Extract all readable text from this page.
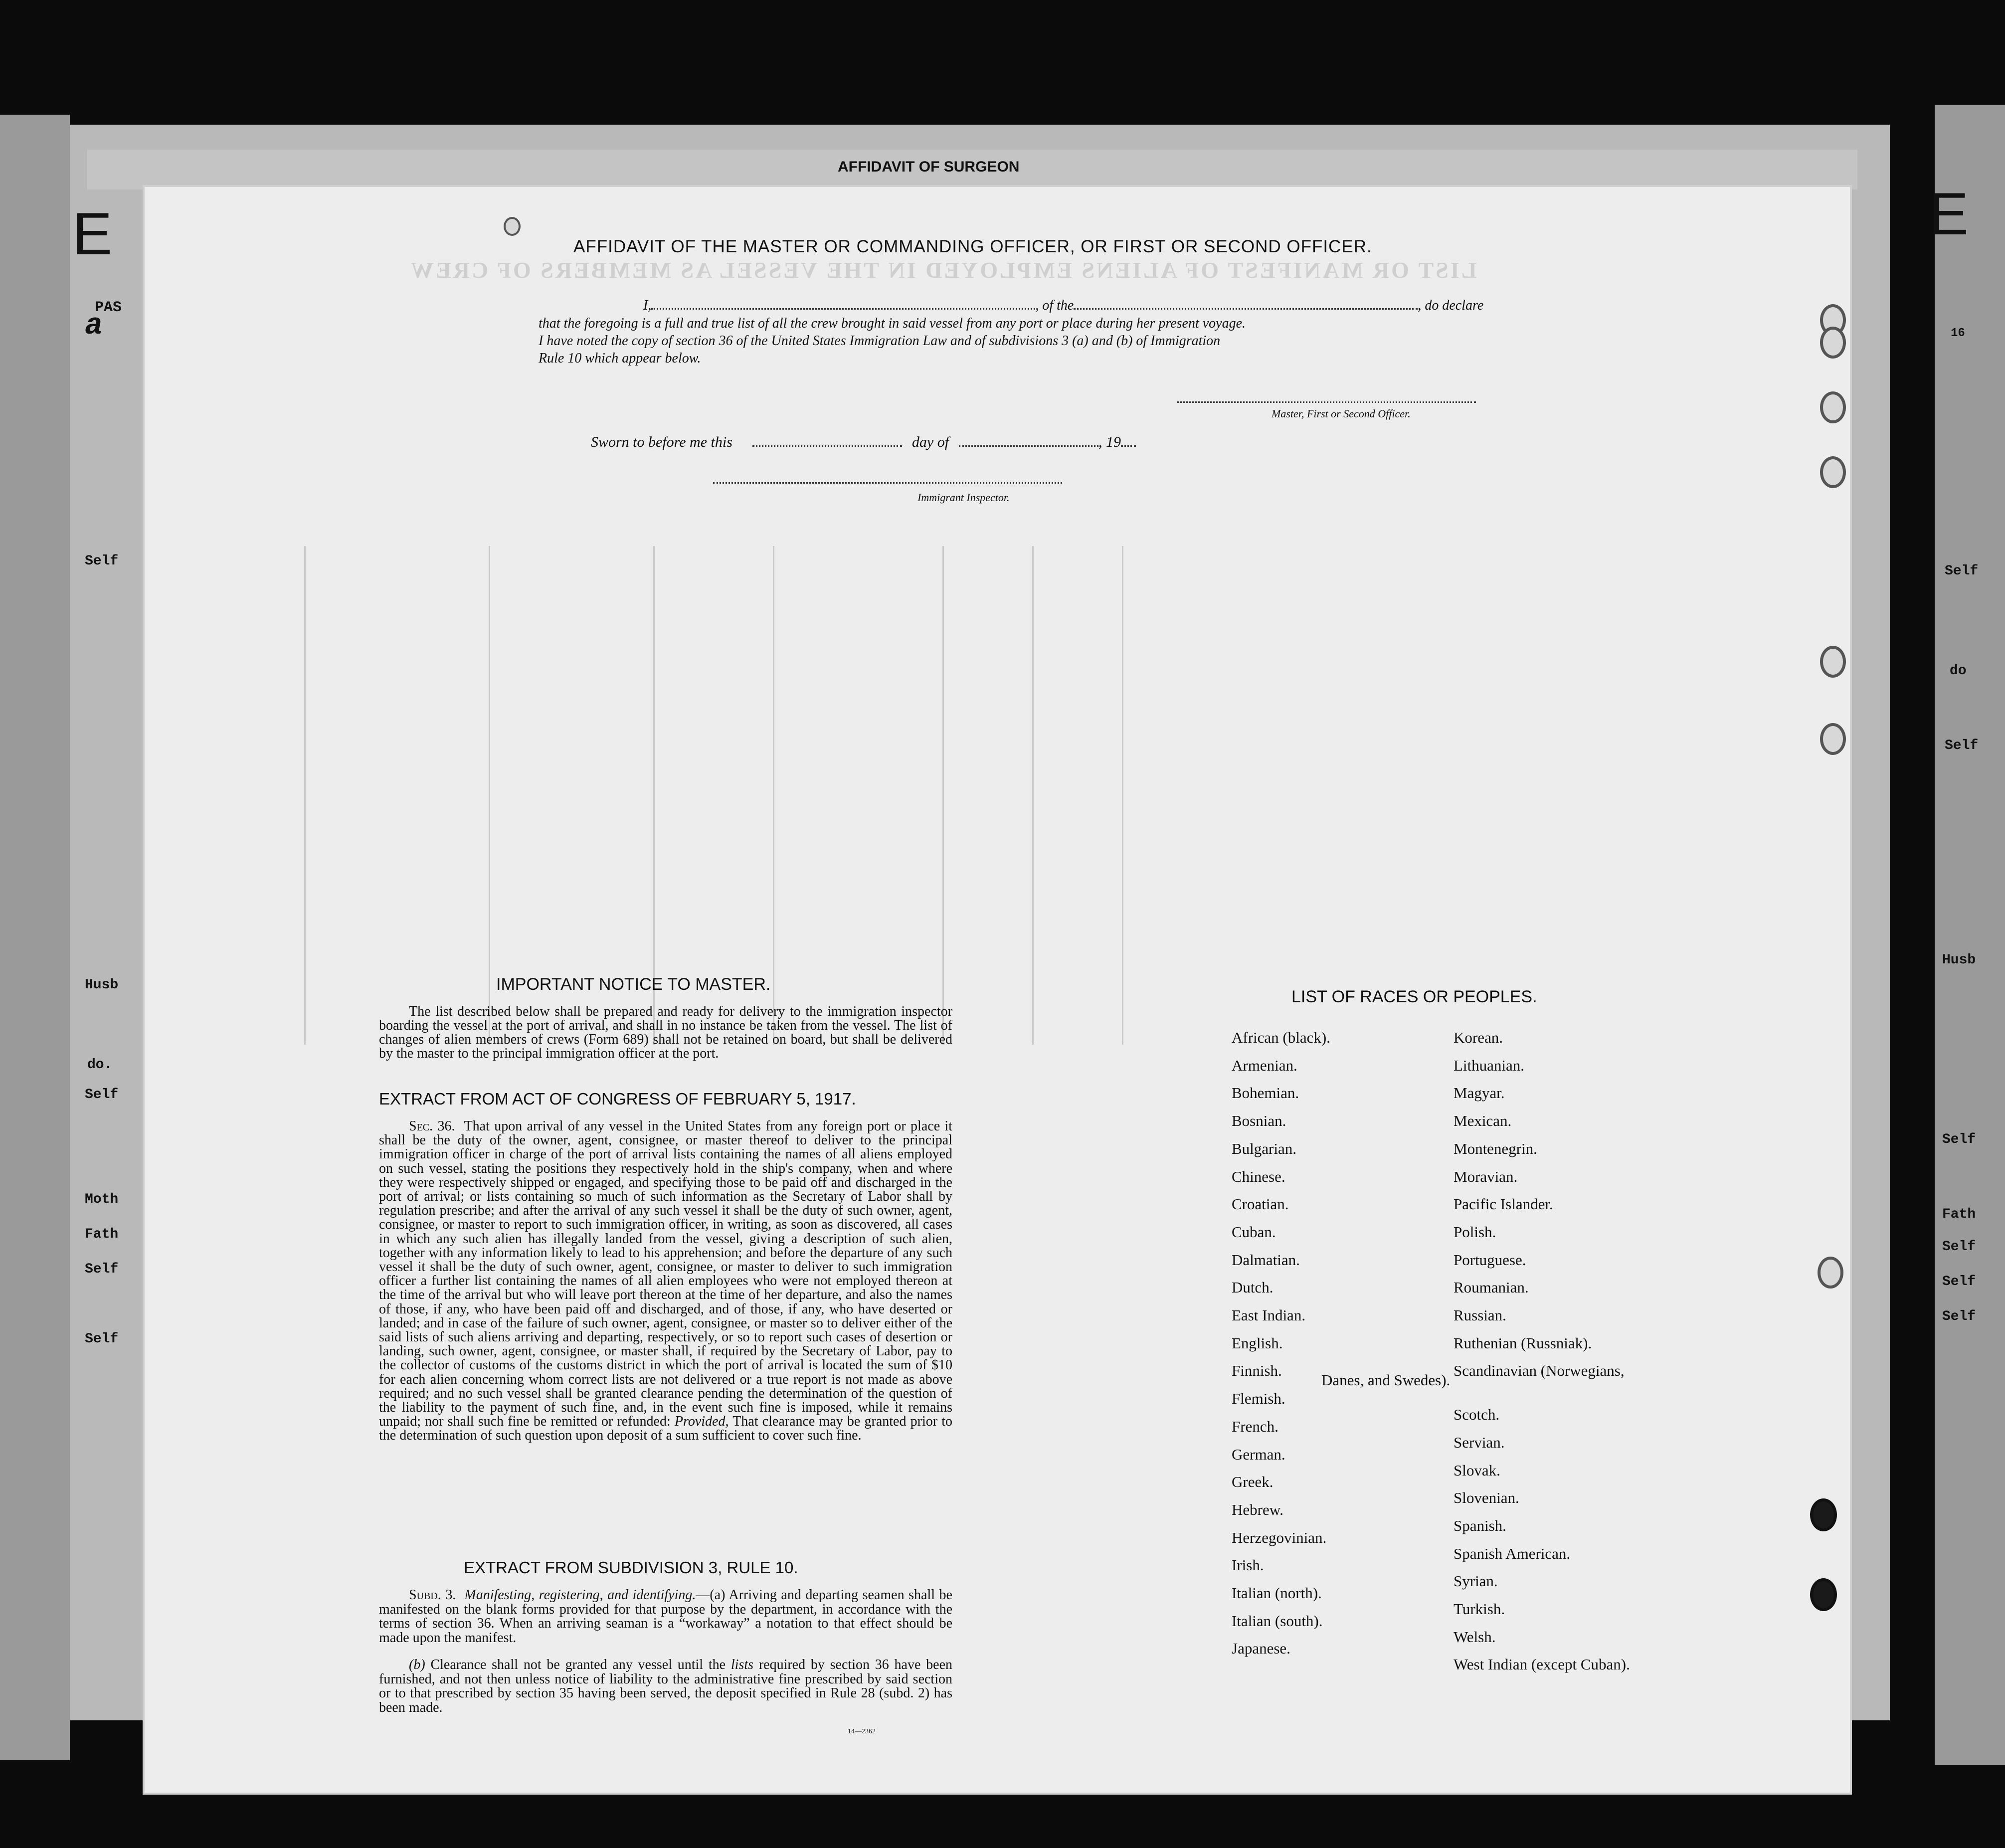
AFFIDAVIT OF SURGEON
E
PAS
a
Self
Husb
do.
Self
Moth
Fath
Self
Self
E
16
Self
do
Self
Husb
Self
Fath
Self
Self
Self
LIST OR MANIFEST OF ALIENS EMPLOYED IN THE VESSEL AS MEMBERS OF CREW
AFFIDAVIT OF THE MASTER OR COMMANDING OFFICER, OR FIRST OR SECOND OFFICER.
I,	, of the	, do declare
that the foregoing is a full and true list of all the crew brought in said vessel from any port or place during her present voyage.
I have noted the copy of section 36 of the United States Immigration Law and of subdivisions 3 (a) and (b) of Immigration
Rule 10 which appear below.
Master, First or Second Officer.
Sworn to before me this	day of	, 19
Immigrant Inspector.
IMPORTANT NOTICE TO MASTER.
The list described below shall be prepared and ready for delivery to the immigration inspector boarding the vessel at the port of arrival, and shall in no instance be taken from the vessel. The list of changes of alien members of crews (Form 689) shall not be retained on board, but shall be delivered by the master to the principal immigration officer at the port.
EXTRACT FROM ACT OF CONGRESS OF FEBRUARY 5, 1917.
Sec. 36. That upon arrival of any vessel in the United States from any foreign port or place it shall be the duty of the owner, agent, consignee, or master thereof to deliver to the principal immigration officer in charge of the port of arrival lists containing the names of all aliens employed on such vessel, stating the positions they respectively hold in the ship's company, when and where they were respectively shipped or engaged, and specifying those to be paid off and discharged in the port of arrival; or lists containing so much of such information as the Secretary of Labor shall by regulation prescribe; and after the arrival of any such vessel it shall be the duty of such owner, agent, consignee, or master to report to such immigration officer, in writing, as soon as discovered, all cases in which any such alien has illegally landed from the vessel, giving a description of such alien, together with any information likely to lead to his apprehension; and before the departure of any such vessel it shall be the duty of such owner, agent, consignee, or master to deliver to such immigration officer a further list containing the names of all alien employees who were not employed thereon at the time of the arrival but who will leave port thereon at the time of her departure, and also the names of those, if any, who have been paid off and discharged, and of those, if any, who have deserted or landed; and in case of the failure of such owner, agent, consignee, or master so to deliver either of the said lists of such aliens arriving and departing, respectively, or so to report such cases of desertion or landing, such owner, agent, consignee, or master shall, if required by the Secretary of Labor, pay to the collector of customs of the customs district in which the port of arrival is located the sum of $10 for each alien concerning whom correct lists are not delivered or a true report is not made as above required; and no such vessel shall be granted clearance pending the determination of the question of the liability to the payment of such fine, and, in the event such fine is imposed, while it remains unpaid; nor shall such fine be remitted or refunded: Provided, That clearance may be granted prior to the determination of such question upon deposit of a sum sufficient to cover such fine.
EXTRACT FROM SUBDIVISION 3, RULE 10.
Subd. 3. Manifesting, registering, and identifying.—(a) Arriving and departing seamen shall be manifested on the blank forms provided for that purpose by the department, in accordance with the terms of section 36. When an arriving seaman is a “workaway” a notation to that effect should be made upon the manifest.
(b) Clearance shall not be granted any vessel until the lists required by section 36 have been furnished, and not then unless notice of liability to the administrative fine prescribed by said section or to that prescribed by section 35 having been served, the deposit specified in Rule 28 (subd. 2) has been made.
14—2362
LIST OF RACES OR PEOPLES.
Danes, and Swedes).
African (black).
Armenian.
Bohemian.
Bosnian.
Bulgarian.
Chinese.
Croatian.
Cuban.
Dalmatian.
Dutch.
East Indian.
English.
Finnish.
Flemish.
French.
German.
Greek.
Hebrew.
Herzegovinian.
Irish.
Italian (north).
Italian (south).
Japanese.
Korean.
Lithuanian.
Magyar.
Mexican.
Montenegrin.
Moravian.
Pacific Islander.
Polish.
Portuguese.
Roumanian.
Russian.
Ruthenian (Russniak).
Scandinavian (Norwegians,
Scotch.
Servian.
Slovak.
Slovenian.
Spanish.
Spanish American.
Syrian.
Turkish.
Welsh.
West Indian (except Cuban).
